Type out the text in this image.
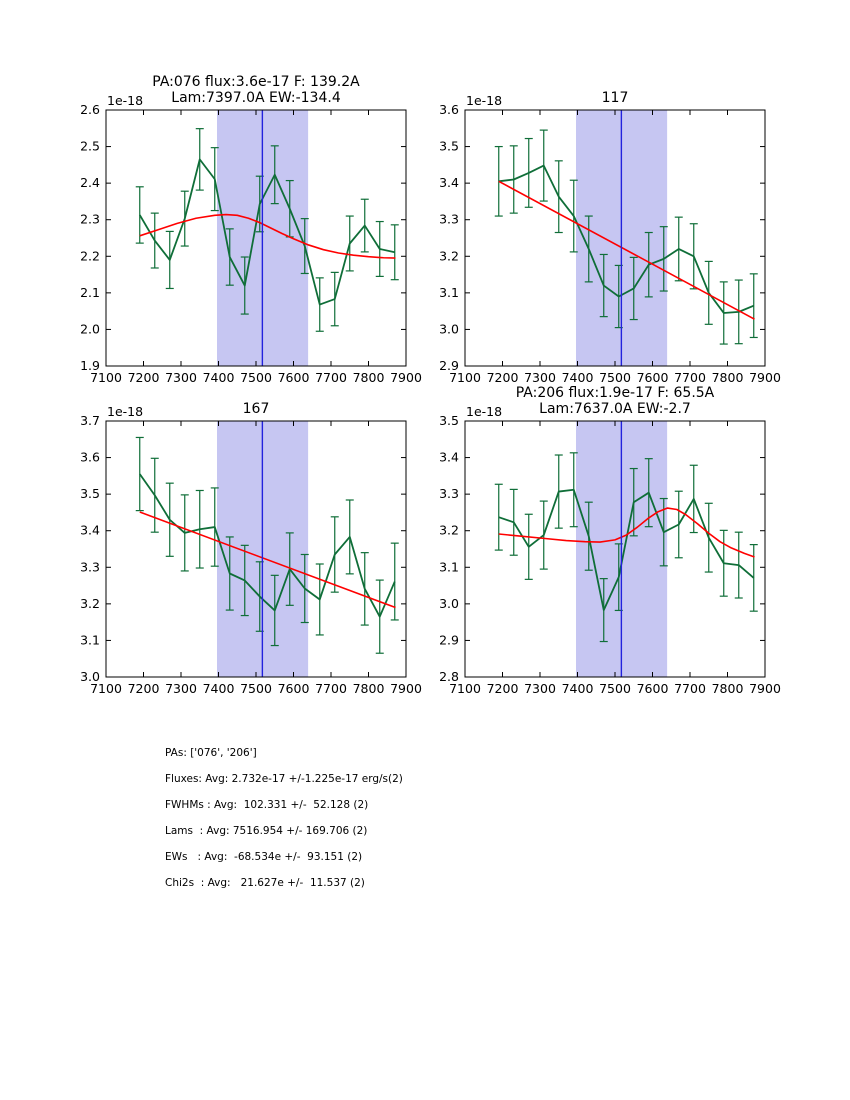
7100 7200 7300 7400 7500 7600 7700 7800 7900
1.9
2.0
2.1
2.2
2.3
2.4
2.5
2.6
1e-18
PA:076 flux:3.6e-17 F: 139.2A
Lam:7397.0A EW:-134.4
7100 7200 7300 7400 7500 7600 7700 7800 7900
2.9
3.0
3.1
3.2
3.3
3.4
3.5
3.6
1e-18	117
7100 7200 7300 7400 7500 7600 7700 7800 7900
3.0
3.1
3.2
3.3
3.4
3.5
3.6
3.7
1e-18	167
7100 7200 7300 7400 7500 7600 7700 7800 7900
2.8
2.9
3.0
3.1
3.2
3.3
3.4
3.5
1e-18
PA:206 flux:1.9e-17 F: 65.5A
Lam:7637.0A EW:-2.7
PAs: ['076', '206']
Fluxes: Avg: 2.732e-17 +/-1.225e-17 erg/s(2)
FWHMs : Avg:  102.331 +/-  52.128 (2)
Lams  : Avg: 7516.954 +/- 169.706 (2)
EWs   : Avg:  -68.534e +/-  93.151 (2)
Chi2s  : Avg:   21.627e +/-  11.537 (2)
